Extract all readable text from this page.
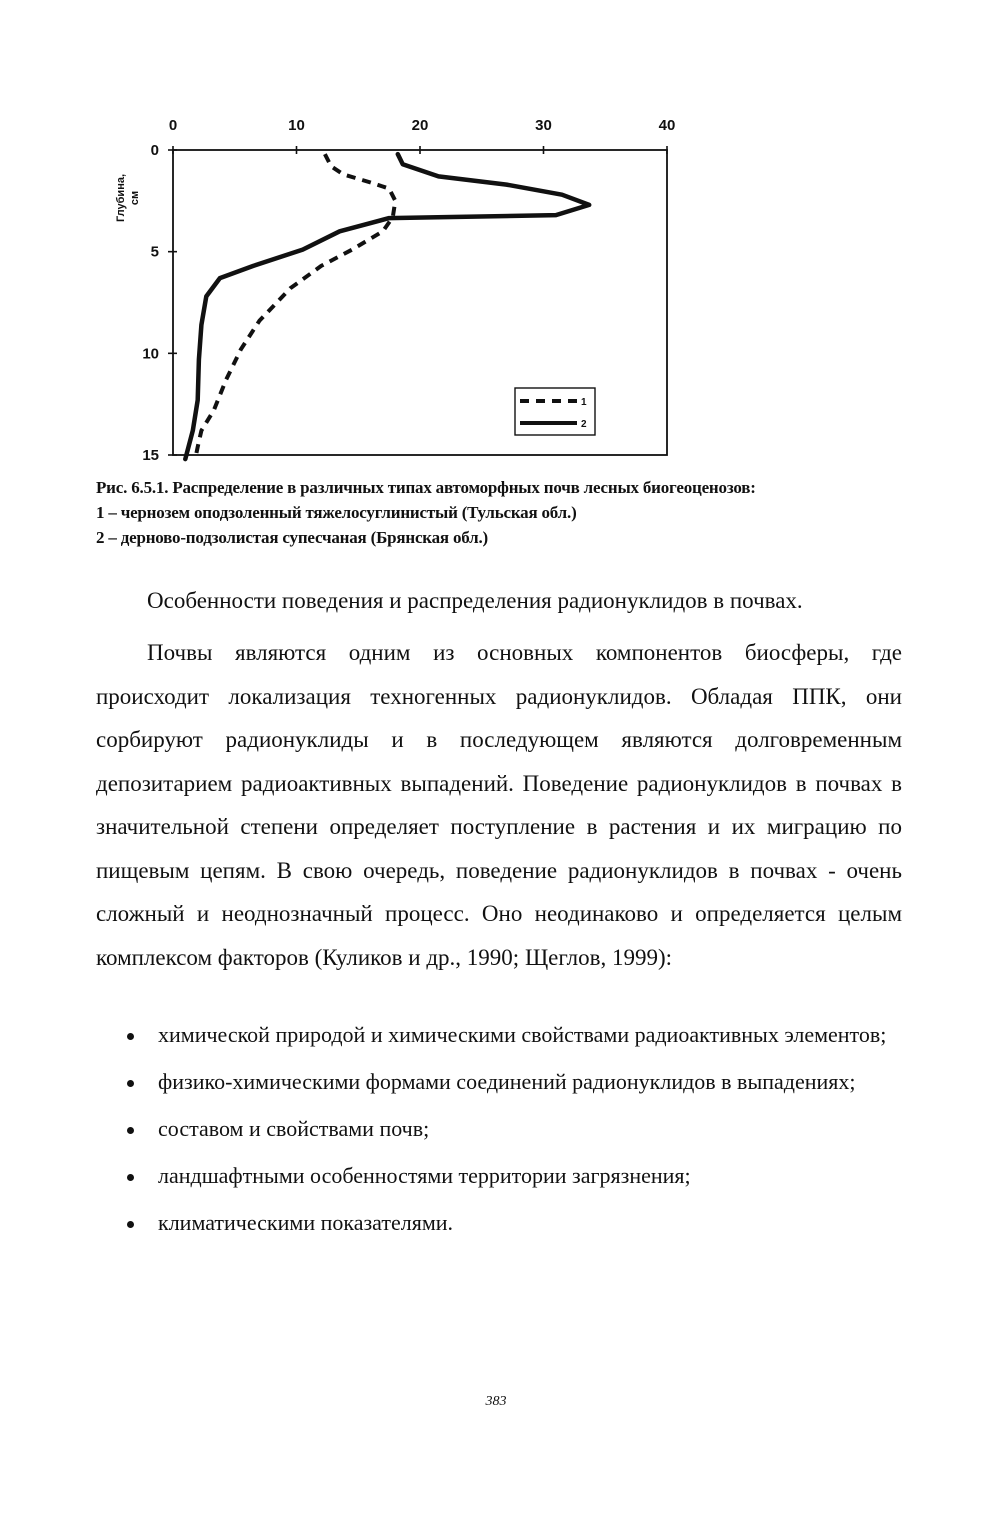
0	10	20	30	40
0
5
10
15
Глубина, см
1
2
Рис. 6.5.1. Распределение в различных типах автоморфных почв лесных биогеоценозов:
1 – чернозем оподзоленный тяжелосуглинистый (Тульская обл.)
2 – дерново-подзолистая супесчаная (Брянская обл.)
Особенности поведения и распределения радионуклидов в почвах.

Почвы являются одним из основных компонентов биосферы, где происходит локализация техногенных радионуклидов. Обладая ППК, они сорбируют радионуклиды и в последующем являются долговременным депозитарием радиоактивных выпадений. Поведение радионуклидов в почвах в значительной степени определяет поступление в растения и их миграцию по пищевым цепям. В свою очередь, поведение радионуклидов в почвах - очень сложный и неоднозначный процесс. Оно неодинаково и определяется целым комплексом факторов (Куликов и др., 1990; Щеглов, 1999):

химической природой и химическими свойствами радиоактивных элементов;
физико-химическими формами соединений радионуклидов в выпадениях;
составом и свойствами почв;
ландшафтными особенностями территории загрязнения;
климатическими показателями.
383
